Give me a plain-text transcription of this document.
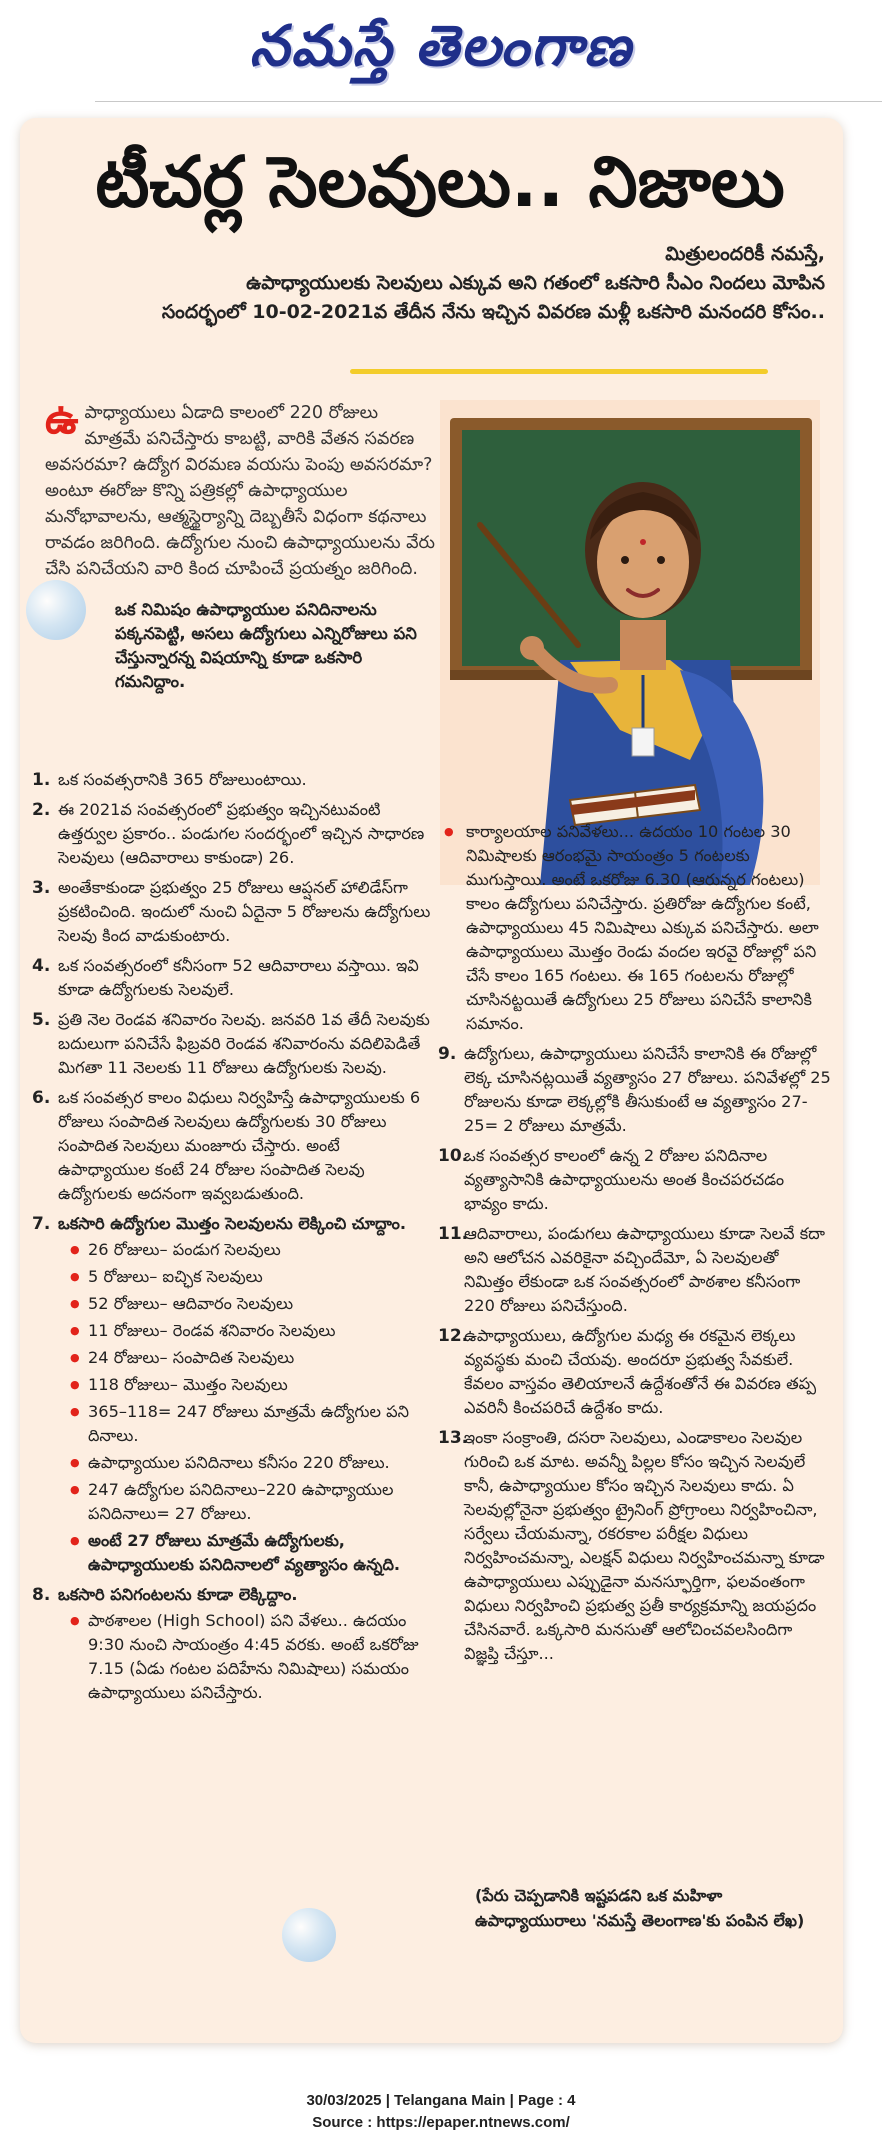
నమస్తే తెలంగాణ
టీచర్ల సెలవులు.. నిజాలు
మిత్రులందరికీ నమస్తే,
ఉపాధ్యాయులకు సెలవులు ఎక్కువ అని గతంలో ఒకసారి సీఎం నిందలు మోపిన
సందర్భంలో 10-02-2021వ తేదీన నేను ఇచ్చిన వివరణ మళ్లీ ఒకసారి మనందరి కోసం..
ఉపాధ్యాయులు ఏడాది కాలంలో 220 రోజులు మాత్రమే పనిచేస్తారు కాబట్టి, వారికి వేతన సవరణ అవసరమా? ఉద్యోగ విరమణ వయసు పెంపు అవసరమా? అంటూ ఈరోజు కొన్ని పత్రికల్లో ఉపాధ్యాయుల మనోభావాలను, ఆత్మస్థైర్యాన్ని దెబ్బతీసే విధంగా కథనాలు రావడం జరిగింది. ఉద్యోగుల నుంచి ఉపాధ్యాయులను వేరు చేసి పనిచేయని వారి కింద చూపించే ప్రయత్నం జరిగింది.
ఒక నిమిషం ఉపాధ్యాయుల పనిదినాలను పక్కనపెట్టి, అసలు ఉద్యోగులు ఎన్నిరోజులు పని చేస్తున్నారన్న విషయాన్ని కూడా ఒకసారి గమనిద్దాం.
1. ఒక సంవత్సరానికి 365 రోజులుంటాయి.
2. ఈ 2021వ సంవత్సరంలో ప్రభుత్వం ఇచ్చినటువంటి ఉత్తర్వుల ప్రకారం.. పండుగల సందర్భంలో ఇచ్చిన సాధారణ సెలవులు (ఆదివారాలు కాకుండా) 26.
3. అంతేకాకుండా ప్రభుత్వం 25 రోజులు ఆప్షనల్ హాలిడేస్‌గా ప్రకటించింది. ఇందులో నుంచి ఏదైనా 5 రోజులను ఉద్యోగులు సెలవు కింద వాడుకుంటారు.
4. ఒక సంవత్సరంలో కనీసంగా 52 ఆదివారాలు వస్తాయి. ఇవి కూడా ఉద్యోగులకు సెలవులే.
5. ప్రతి నెల రెండవ శనివారం సెలవు. జనవరి 1వ తేదీ సెలవుకు బదులుగా పనిచేసే ఫిబ్రవరి రెండవ శనివారంను వదిలిపెడితే మిగతా 11 నెలలకు 11 రోజులు ఉద్యోగులకు సెలవు.
6. ఒక సంవత్సర కాలం విధులు నిర్వహిస్తే ఉపాధ్యాయులకు 6 రోజులు సంపాదిత సెలవులు ఉద్యోగులకు 30 రోజులు సంపాదిత సెలవులు మంజూరు చేస్తారు. అంటే ఉపాధ్యాయుల కంటే 24 రోజుల సంపాదిత సెలవు ఉద్యోగులకు అదనంగా ఇవ్వబడుతుంది.
7. ఒకసారి ఉద్యోగుల మొత్తం సెలవులను లెక్కించి చూద్దాం.
● 26 రోజులు– పండుగ సెలవులు
● 5 రోజులు– ఐచ్ఛిక సెలవులు
● 52 రోజులు– ఆదివారం సెలవులు
● 11 రోజులు– రెండవ శనివారం సెలవులు
● 24 రోజులు– సంపాదిత సెలవులు
● 118 రోజులు– మొత్తం సెలవులు
● 365–118= 247 రోజులు మాత్రమే ఉద్యోగుల పని దినాలు.
● ఉపాధ్యాయుల పనిదినాలు కనీసం 220 రోజులు.
● 247 ఉద్యోగుల పనిదినాలు–220 ఉపాధ్యాయుల పనిదినాలు= 27 రోజులు.
● అంటే 27 రోజులు మాత్రమే ఉద్యోగులకు, ఉపాధ్యాయులకు పనిదినాలలో వ్యత్యాసం ఉన్నది.
8. ఒకసారి పనిగంటలను కూడా లెక్కిద్దాం.
● పాఠశాలల (High School) పని వేళలు.. ఉదయం 9:30 నుంచి సాయంత్రం 4:45 వరకు. అంటే ఒకరోజు 7.15 (ఏడు గంటల పదిహేను నిమిషాలు) సమయం ఉపాధ్యాయులు పనిచేస్తారు.
● కార్యాలయాల పనివేళలు... ఉదయం 10 గంటల 30 నిమిషాలకు ఆరంభమై సాయంత్రం 5 గంటలకు ముగుస్తాయి. అంటే ఒకరోజు 6.30 (ఆరున్నర గంటలు) కాలం ఉద్యోగులు పనిచేస్తారు. ప్రతిరోజు ఉద్యోగుల కంటే, ఉపాధ్యాయులు 45 నిమిషాలు ఎక్కువ పనిచేస్తారు. అలా ఉపాధ్యాయులు మొత్తం రెండు వందల ఇరవై రోజుల్లో పని చేసే కాలం 165 గంటలు. ఈ 165 గంటలను రోజుల్లో చూసినట్టయితే ఉద్యోగులు 25 రోజులు పనిచేసే కాలానికి సమానం.
9. ఉద్యోగులు, ఉపాధ్యాయులు పనిచేసే కాలానికి ఈ రోజుల్లో లెక్క చూసినట్లయితే వ్యత్యాసం 27 రోజులు. పనివేళల్లో 25 రోజులను కూడా లెక్కల్లోకి తీసుకుంటే ఆ వ్యత్యాసం 27-25= 2 రోజులు మాత్రమే.
10.
ఒక సంవత్సర కాలంలో ఉన్న 2 రోజుల పనిదినాల వ్యత్యాసానికి ఉపాధ్యాయులను అంత కించపరచడం భావ్యం కాదు.
11.
ఆదివారాలు, పండుగలు ఉపాధ్యాయులు కూడా సెలవే కదా అని ఆలోచన ఎవరికైనా వచ్చిందేమో, ఏ సెలవులతో నిమిత్తం లేకుండా ఒక సంవత్సరంలో పాఠశాల కనీసంగా 220 రోజులు పనిచేస్తుంది.
12.
ఉపాధ్యాయులు, ఉద్యోగుల మధ్య ఈ రకమైన లెక్కలు వ్యవస్థకు మంచి చేయవు. అందరూ ప్రభుత్వ సేవకులే. కేవలం వాస్తవం తెలియాలనే ఉద్దేశంతోనే ఈ వివరణ తప్ప ఎవరినీ కించపరిచే ఉద్దేశం కాదు.
13.
ఇంకా సంక్రాంతి, దసరా సెలవులు, ఎండాకాలం సెలవుల గురించి ఒక మాట. అవన్నీ పిల్లల కోసం ఇచ్చిన సెలవులే కానీ, ఉపాధ్యాయుల కోసం ఇచ్చిన సెలవులు కాదు. ఏ సెలవుల్లోనైనా ప్రభుత్వం ట్రైనింగ్ ప్రోగ్రాంలు నిర్వహించినా, సర్వేలు చేయమన్నా, రకరకాల పరీక్షల విధులు నిర్వహించమన్నా, ఎలక్షన్ విధులు నిర్వహించమన్నా కూడా ఉపాధ్యాయులు ఎప్పుడైనా మనస్ఫూర్తిగా, ఫలవంతంగా విధులు నిర్వహించి ప్రభుత్వ ప్రతీ కార్యక్రమాన్ని జయప్రదం చేసినవారే. ఒక్కసారి మనసుతో ఆలోచించవలసిందిగా విజ్ఞప్తి చేస్తూ...
(పేరు చెప్పడానికి ఇష్టపడని ఒక మహిళా ఉపాధ్యాయురాలు 'నమస్తే తెలంగాణ'కు పంపిన లేఖ)
30/03/2025 | Telangana Main | Page : 4
Source : https://epaper.ntnews.com/
